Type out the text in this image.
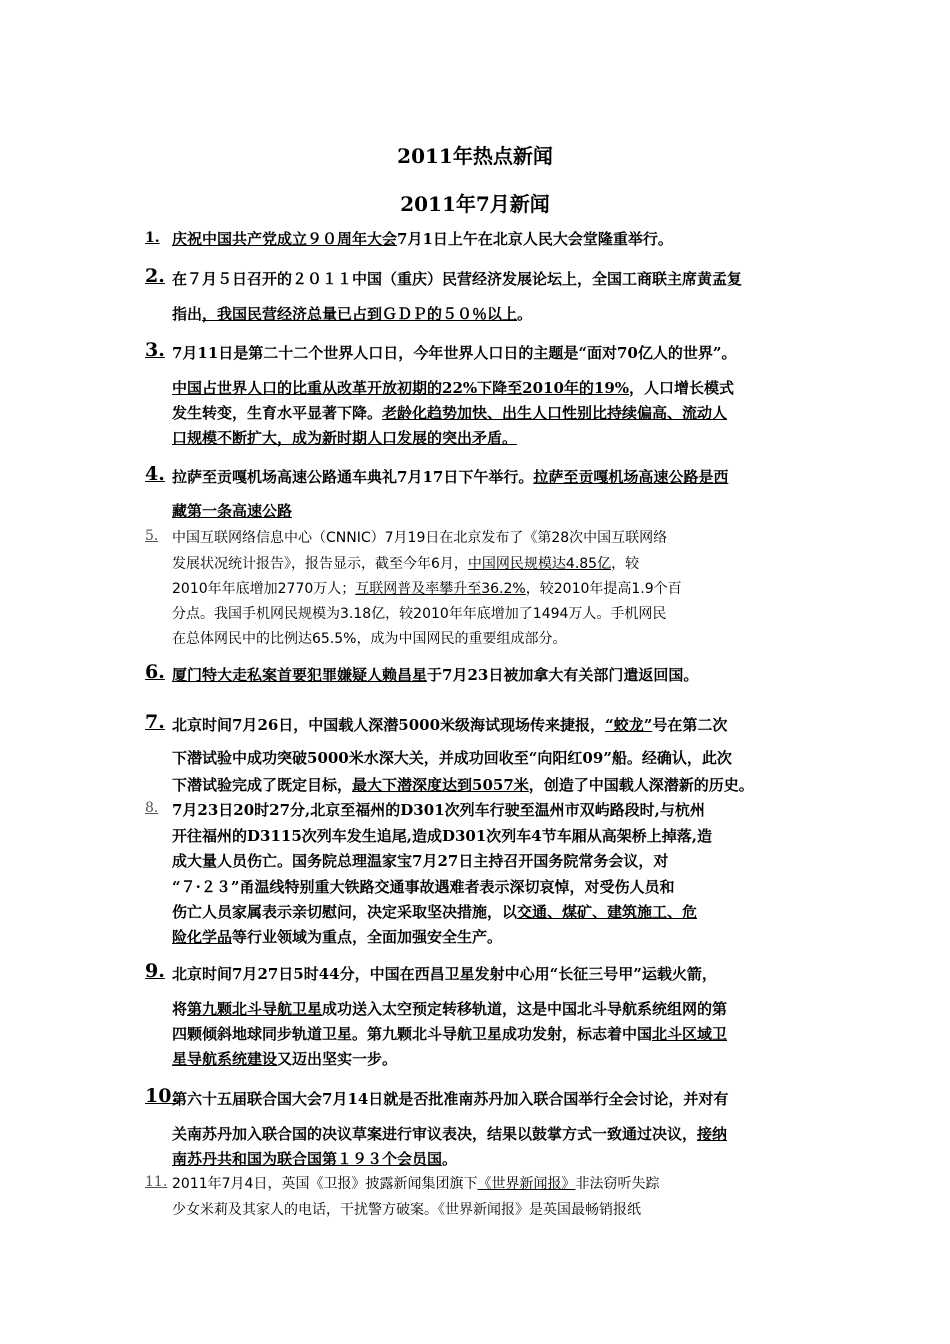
2011年热点新闻
2011年7月新闻
1. 庆祝中国共产党成立９０周年大会7月1日上午在北京人民大会堂隆重举行。
2. 在７月５日召开的２０１１中国（重庆）民营经济发展论坛上，全国工商联主席黄孟复
指出，我国民营经济总量已占到ＧＤＰ的５０％以上。
3. 7月11日是第二十二个世界人口日，今年世界人口日的主题是“面对70亿人的世界”。
中国占世界人口的比重从改革开放初期的22%下降至2010年的19%，人口增长模式
发生转变，生育水平显著下降。老龄化趋势加快、出生人口性别比持续偏高、流动人
口规模不断扩大，成为新时期人口发展的突出矛盾。
4. 拉萨至贡嘎机场高速公路通车典礼7月17日下午举行。拉萨至贡嘎机场高速公路是西
藏第一条高速公路
5. 中国互联网络信息中心（CNNIC）7月19日在北京发布了《第28次中国互联网络
发展状况统计报告》，报告显示，截至今年6月，中国网民规模达4.85亿，较
2010年年底增加2770万人；互联网普及率攀升至36.2%，较2010年提高1.9个百
分点。我国手机网民规模为3.18亿，较2010年年底增加了1494万人。手机网民
在总体网民中的比例达65.5%，成为中国网民的重要组成部分。
6. 厦门特大走私案首要犯罪嫌疑人赖昌星于7月23日被加拿大有关部门遣返回国。
7. 北京时间7月26日，中国载人深潜5000米级海试现场传来捷报，“蛟龙”号在第二次
下潜试验中成功突破5000米水深大关，并成功回收至“向阳红09”船。经确认，此次
下潜试验完成了既定目标，最大下潜深度达到5057米，创造了中国载人深潜新的历史。
8. 7月23日20时27分,北京至福州的D301次列车行驶至温州市双屿路段时,与杭州
开往福州的D3115次列车发生追尾,造成D301次列车4节车厢从高架桥上掉落,造
成大量人员伤亡。国务院总理温家宝7月27日主持召开国务院常务会议，对
“７·２３”甬温线特别重大铁路交通事故遇难者表示深切哀悼，对受伤人员和
伤亡人员家属表示亲切慰问，决定采取坚决措施，以交通、煤矿、建筑施工、危
险化学品等行业领域为重点，全面加强安全生产。
9. 北京时间7月27日5时44分，中国在西昌卫星发射中心用“长征三号甲”运载火箭，
将第九颗北斗导航卫星成功送入太空预定转移轨道，这是中国北斗导航系统组网的第
四颗倾斜地球同步轨道卫星。第九颗北斗导航卫星成功发射，标志着中国北斗区域卫
星导航系统建设又迈出坚实一步。
10.
第六十五届联合国大会7月14日就是否批准南苏丹加入联合国举行全会讨论，并对有
关南苏丹加入联合国的决议草案进行审议表决，结果以鼓掌方式一致通过决议，接纳
南苏丹共和国为联合国第１９３个会员国。
11. 2011年7月4日，英国《卫报》披露新闻集团旗下《世界新闻报》非法窃听失踪
少女米莉及其家人的电话，干扰警方破案。《世界新闻报》是英国最畅销报纸
